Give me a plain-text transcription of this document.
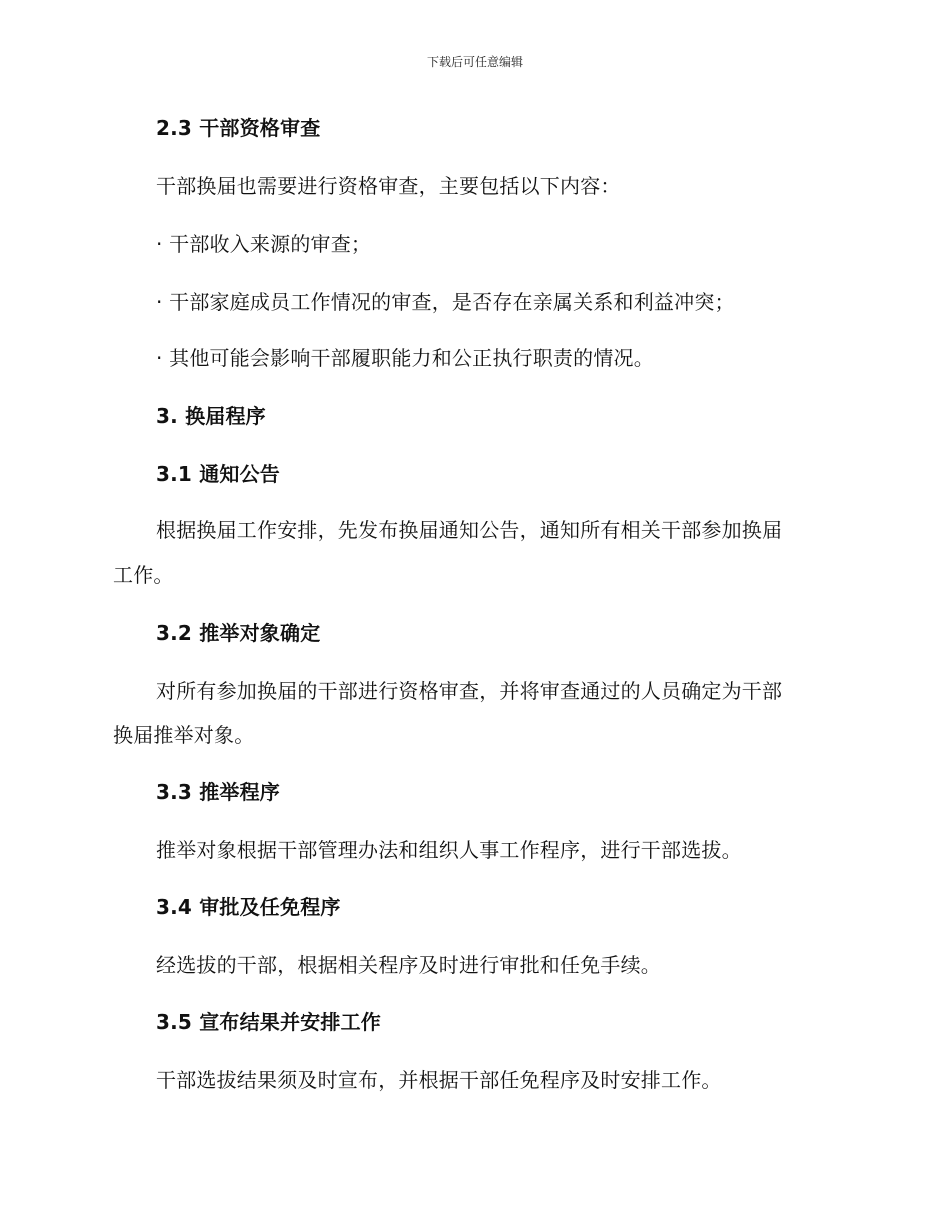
下载后可任意编辑
2.3 干部资格审查
干部换届也需要进行资格审查，主要包括以下内容：
· 干部收入来源的审查；
· 干部家庭成员工作情况的审查，是否存在亲属关系和利益冲突；
· 其他可能会影响干部履职能力和公正执行职责的情况。
3. 换届程序
3.1 通知公告
根据换届工作安排，先发布换届通知公告，通知所有相关干部参加换届
工作。
3.2 推举对象确定
对所有参加换届的干部进行资格审查，并将审查通过的人员确定为干部
换届推举对象。
3.3 推举程序
推举对象根据干部管理办法和组织人事工作程序，进行干部选拔。
3.4 审批及任免程序
经选拔的干部，根据相关程序及时进行审批和任免手续。
3.5 宣布结果并安排工作
干部选拔结果须及时宣布，并根据干部任免程序及时安排工作。
